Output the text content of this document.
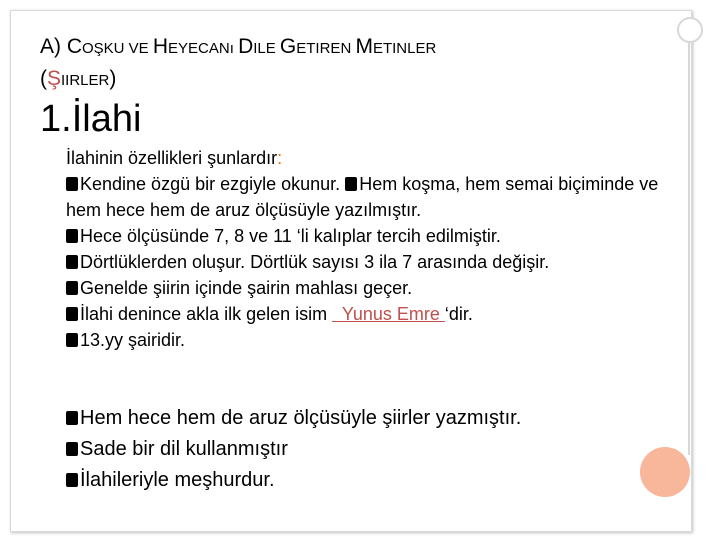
A) COŞKU VE HEYECANı DILE GETIREN METINLER
(ŞIIRLER)
1.İlahi
İlahinin özellikleri şunlardır:
Kendine özgü bir ezgiyle okunur. Hem koşma, hem semai biçiminde ve hem hece hem de aruz ölçüsüyle yazılmıştır.
Hece ölçüsünde 7, 8 ve 11 ‘li kalıplar tercih edilmiştir.
Dörtlüklerden oluşur. Dörtlük sayısı 3 ila 7 arasında değişir.
Genelde şiirin içinde şairin mahlası geçer.
İlahi denince akla ilk gelen isim   Yunus Emre ‘dir.
13.yy şairidir.
Hem hece hem de aruz ölçüsüyle şiirler yazmıştır.
Sade bir dil kullanmıştır
İlahileriyle meşhurdur.
